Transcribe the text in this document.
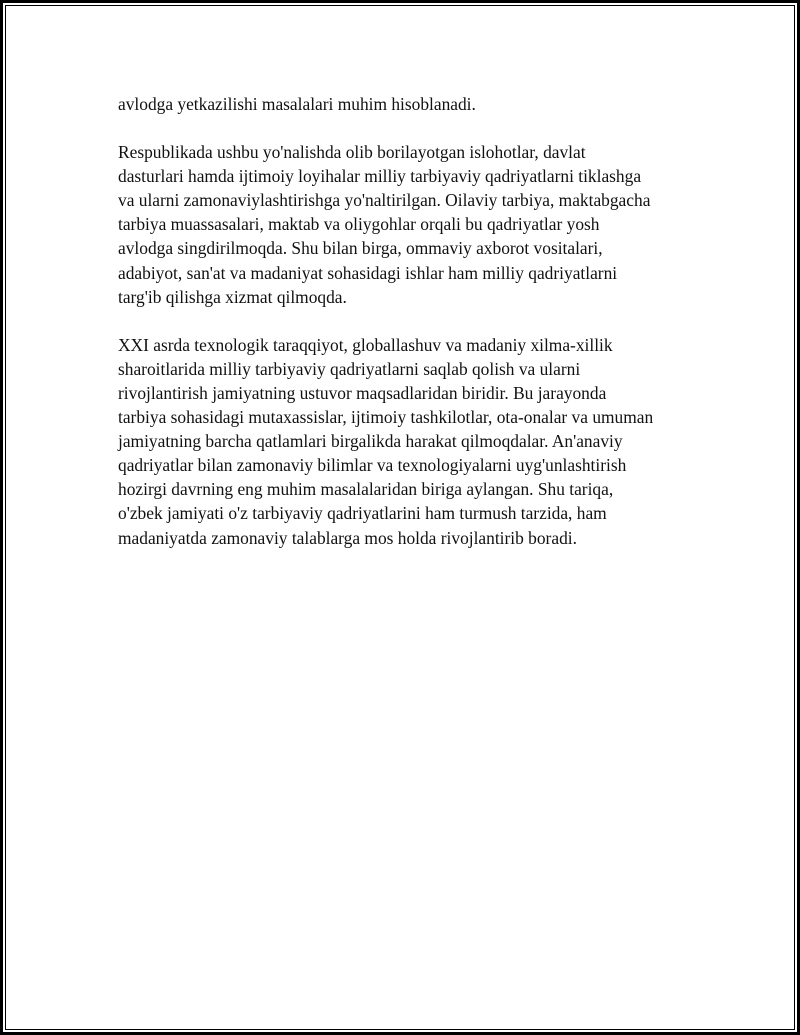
avlodga yetkazilishi masalalari muhim hisoblanadi.

Respublikada ushbu yo'nalishda olib borilayotgan islohotlar, davlat
dasturlari hamda ijtimoiy loyihalar milliy tarbiyaviy qadriyatlarni tiklashga
va ularni zamonaviylashtirishga yo'naltirilgan. Oilaviy tarbiya, maktabgacha
tarbiya muassasalari, maktab va oliygohlar orqali bu qadriyatlar yosh
avlodga singdirilmoqda. Shu bilan birga, ommaviy axborot vositalari,
adabiyot, san'at va madaniyat sohasidagi ishlar ham milliy qadriyatlarni
targ'ib qilishga xizmat qilmoqda.

XXI asrda texnologik taraqqiyot, globallashuv va madaniy xilma-xillik
sharoitlarida milliy tarbiyaviy qadriyatlarni saqlab qolish va ularni
rivojlantirish jamiyatning ustuvor maqsadlaridan biridir. Bu jarayonda
tarbiya sohasidagi mutaxassislar, ijtimoiy tashkilotlar, ota-onalar va umuman
jamiyatning barcha qatlamlari birgalikda harakat qilmoqdalar. An'anaviy
qadriyatlar bilan zamonaviy bilimlar va texnologiyalarni uyg'unlashtirish
hozirgi davrning eng muhim masalalaridan biriga aylangan. Shu tariqa,
o'zbek jamiyati o'z tarbiyaviy qadriyatlarini ham turmush tarzida, ham
madaniyatda zamonaviy talablarga mos holda rivojlantirib boradi.
